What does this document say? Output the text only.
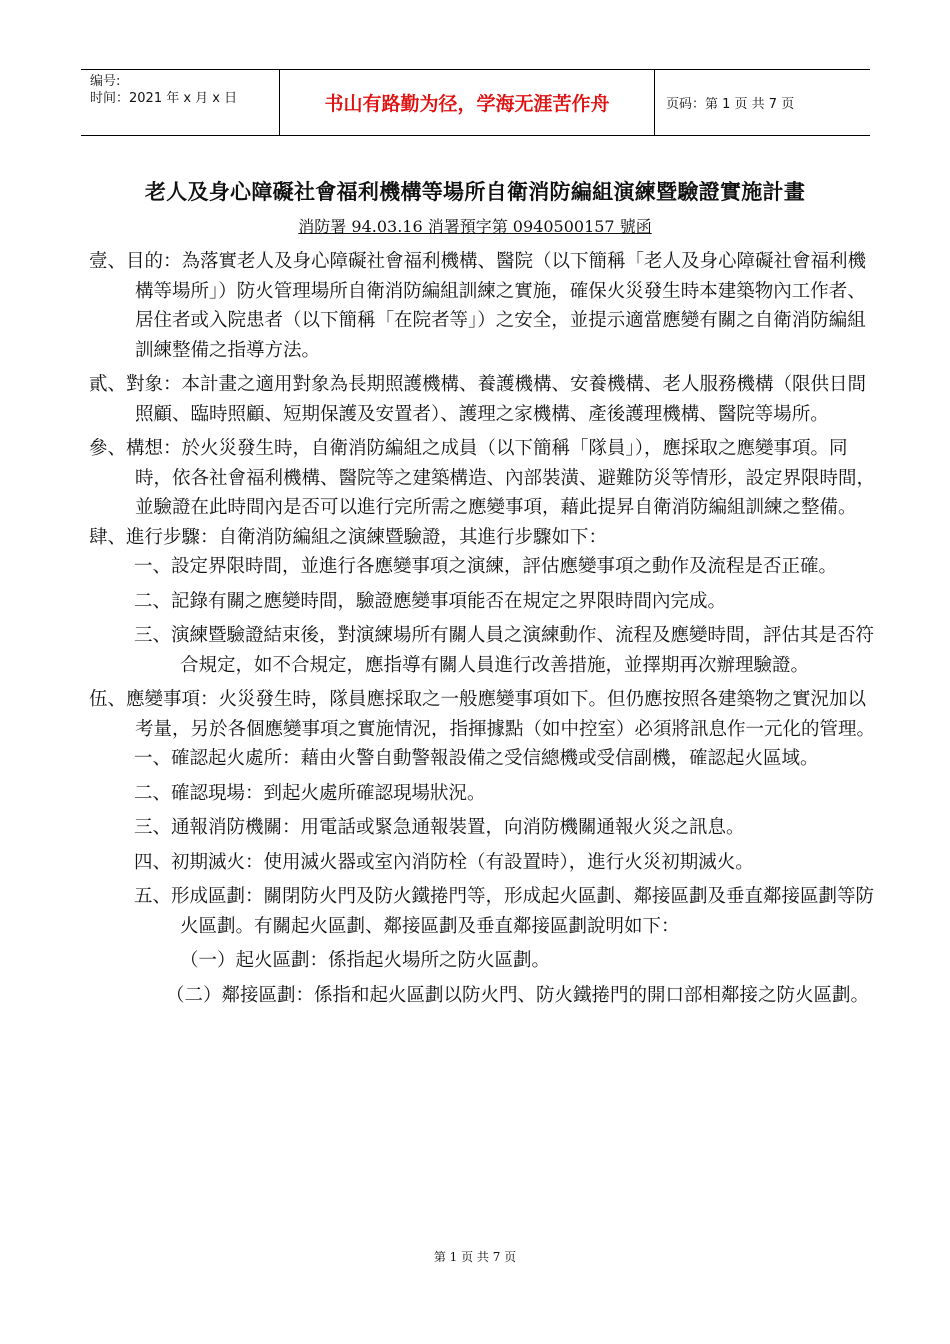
编号:
时间：2021 年 x 月 x 日	书山有路勤为径，学海无涯苦作舟	页码：第 1 页 共 7 页
老人及身心障礙社會福利機構等場所自衛消防編組演練暨驗證實施計畫
消防署 94.03.16 消署預字第 0940500157 號函

壹、目的：為落實老人及身心障礙社會福利機構、醫院（以下簡稱「老人及身心障礙社會福利機構等場所」）防火管理場所自衛消防編組訓練之實施，確保火災發生時本建築物內工作者、居住者或入院患者（以下簡稱「在院者等」）之安全，並提示適當應變有關之自衛消防編組訓練整備之指導方法。

貳、對象：本計畫之適用對象為長期照護機構、養護機構、安養機構、老人服務機構（限供日間照顧、臨時照顧、短期保護及安置者）、護理之家機構、產後護理機構、醫院等場所。

參、構想：於火災發生時，自衛消防編組之成員（以下簡稱「隊員」），應採取之應變事項。同時，依各社會福利機構、醫院等之建築構造、內部裝潢、避難防災等情形，設定界限時間，並驗證在此時間內是否可以進行完所需之應變事項，藉此提昇自衛消防編組訓練之整備。

肆、進行步驟：自衛消防編組之演練暨驗證，其進行步驟如下：

一、設定界限時間，並進行各應變事項之演練，評估應變事項之動作及流程是否正確。

二、記錄有關之應變時間，驗證應變事項能否在規定之界限時間內完成。

三、演練暨驗證結束後，對演練場所有關人員之演練動作、流程及應變時間，評估其是否符合規定，如不合規定，應指導有關人員進行改善措施，並擇期再次辦理驗證。

伍、應變事項：火災發生時，隊員應採取之一般應變事項如下。但仍應按照各建築物之實況加以考量，另於各個應變事項之實施情況，指揮據點（如中控室）必須將訊息作一元化的管理。

一、確認起火處所：藉由火警自動警報設備之受信總機或受信副機，確認起火區域。

二、確認現場：到起火處所確認現場狀況。

三、通報消防機關：用電話或緊急通報裝置，向消防機關通報火災之訊息。

四、初期滅火：使用滅火器或室內消防栓（有設置時），進行火災初期滅火。

五、形成區劃：關閉防火門及防火鐵捲門等，形成起火區劃、鄰接區劃及垂直鄰接區劃等防火區劃。有關起火區劃、鄰接區劃及垂直鄰接區劃說明如下：

（一）起火區劃：係指起火場所之防火區劃。

（二）鄰接區劃：係指和起火區劃以防火門、防火鐵捲門的開口部相鄰接之防火區劃。

第 1 页 共 7 页
